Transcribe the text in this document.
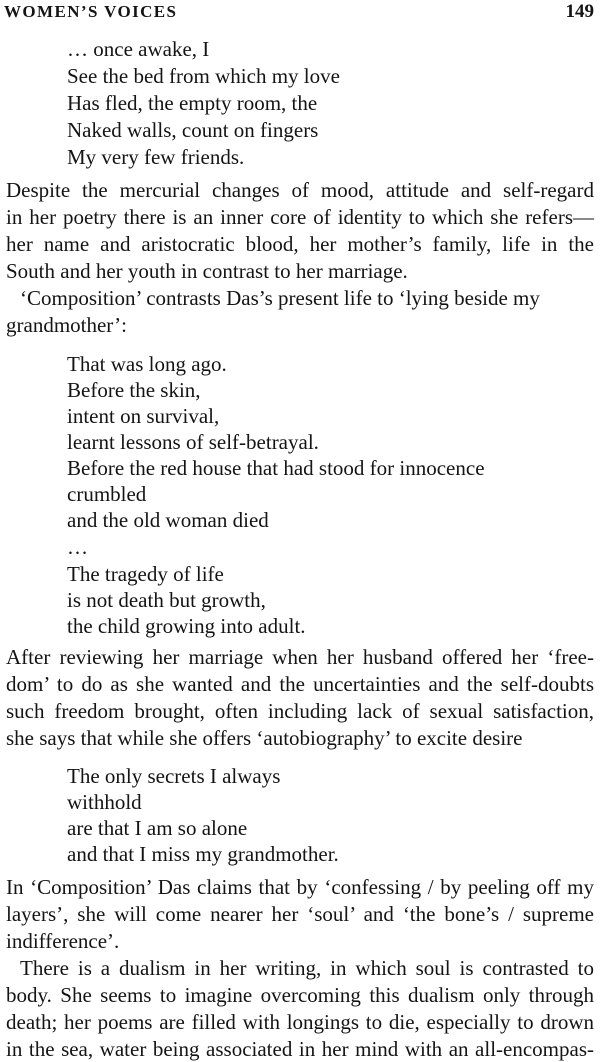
WOMEN’S VOICES	149
… once awake, I
See the bed from which my love
Has fled, the empty room, the
Naked walls, count on fingers
My very few friends.
Despite the mercurial changes of mood, attitude and self-regard
in her poetry there is an inner core of identity to which she refers—
her name and aristocratic blood, her mother’s family, life in the
South and her youth in contrast to her marriage.
‘Composition’ contrasts Das’s present life to ‘lying beside my
grandmother’:
That was long ago.
Before the skin,
intent on survival,
learnt lessons of self-betrayal.
Before the red house that had stood for innocence
crumbled
and the old woman died
…
The tragedy of life
is not death but growth,
the child growing into adult.
After reviewing her marriage when her husband offered her ‘free-
dom’ to do as she wanted and the uncertainties and the self-doubts
such freedom brought, often including lack of sexual satisfaction,
she says that while she offers ‘autobiography’ to excite desire
The only secrets I always
withhold
are that I am so alone
and that I miss my grandmother.
In ‘Composition’ Das claims that by ‘confessing / by peeling off my
layers’, she will come nearer her ‘soul’ and ‘the bone’s / supreme
indifference’.
There is a dualism in her writing, in which soul is contrasted to
body. She seems to imagine overcoming this dualism only through
death; her poems are filled with longings to die, especially to drown
in the sea, water being associated in her mind with an all-encompas-
